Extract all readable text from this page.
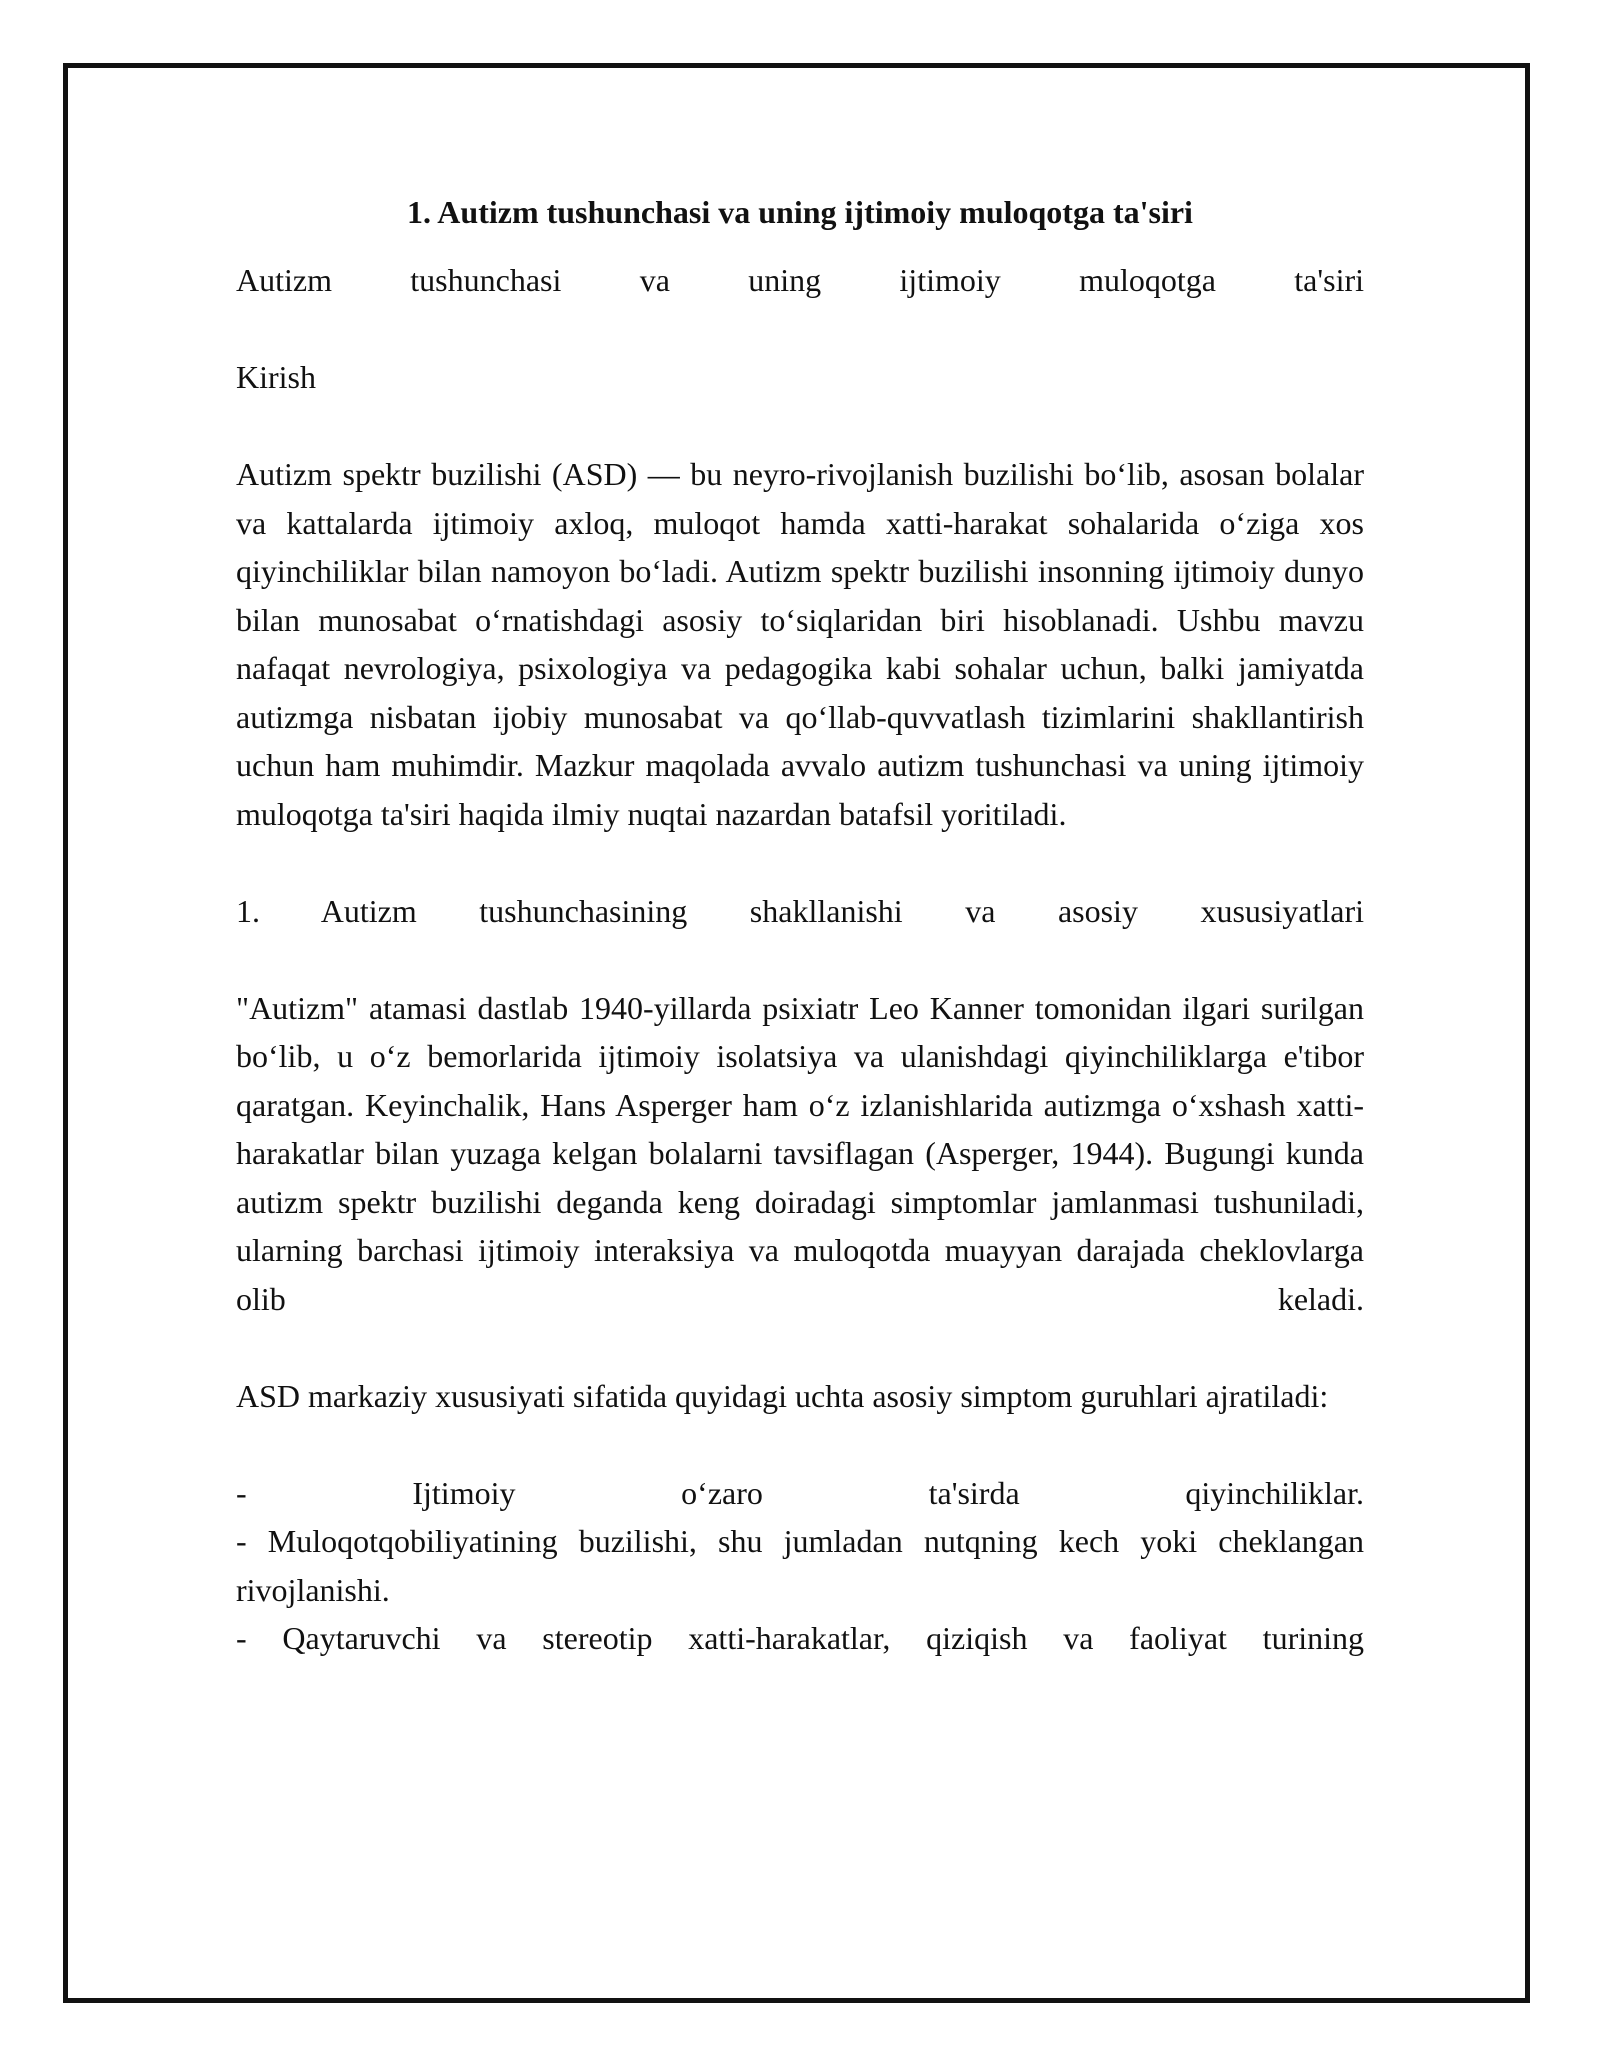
1. Autizm tushunchasi va uning ijtimoiy muloqotga ta'siri

Autizm tushunchasi va uning ijtimoiy muloqotga ta'siri

Kirish

Autizm spektr buzilishi (ASD) — bu neyro-rivojlanish buzilishi bo‘lib, asosan bolalar va kattalarda ijtimoiy axloq, muloqot hamda xatti-harakat sohalarida o‘ziga xos qiyinchiliklar bilan namoyon bo‘ladi. Autizm spektr buzilishi insonning ijtimoiy dunyo bilan munosabat o‘rnatishdagi asosiy to‘siqlaridan biri hisoblanadi. Ushbu mavzu nafaqat nevrologiya, psixologiya va pedagogika kabi sohalar uchun, balki jamiyatda autizmga nisbatan ijobiy munosabat va qo‘llab-quvvatlash tizimlarini shakllantirish uchun ham muhimdir. Mazkur maqolada avvalo autizm tushunchasi va uning ijtimoiy muloqotga ta'siri haqida ilmiy nuqtai nazardan batafsil yoritiladi.

1. Autizm tushunchasining shakllanishi va asosiy xususiyatlari

"Autizm" atamasi dastlab 1940-yillarda psixiatr Leo Kanner tomonidan ilgari surilgan bo‘lib, u o‘z bemorlarida ijtimoiy isolatsiya va ulanishdagi qiyinchiliklarga e'tibor qaratgan. Keyinchalik, Hans Asperger ham o‘z izlanishlarida autizmga o‘xshash xatti-harakatlar bilan yuzaga kelgan bolalarni tavsiflagan (Asperger, 1944). Bugungi kunda autizm spektr buzilishi deganda keng doiradagi simptomlar jamlanmasi tushuniladi, ularning barchasi ijtimoiy interaksiya va muloqotda muayyan darajada cheklovlarga olib keladi.

ASD markaziy xususiyati sifatida quyidagi uchta asosiy simptom guruhlari ajratiladi:

- Ijtimoiy o‘zaro ta'sirda qiyinchiliklar.

- Muloqotqobiliyatining buzilishi, shu jumladan nutqning kech yoki cheklangan rivojlanishi.

- Qaytaruvchi va stereotip xatti-harakatlar, qiziqish va faoliyat turining
